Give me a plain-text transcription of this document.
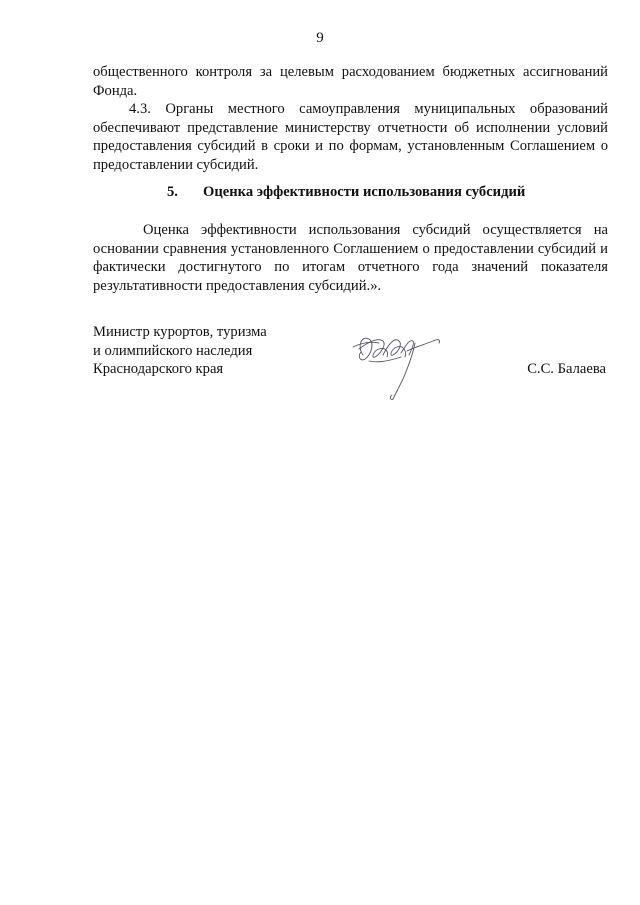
9

общественного контроля за целевым расходованием бюджетных ассигнований Фонда.

4.3. Органы местного самоуправления муниципальных образований обеспечивают представление министерству отчетности об исполнении условий предоставления субсидий в сроки и по формам, установленным Соглашением о предоставлении субсидий.

5. Оценка эффективности использования субсидий

Оценка эффективности использования субсидий осуществляется на основании сравнения установленного Соглашением о предоставлении субсидий и фактически достигнутого по итогам отчетного года значений показателя результативности предоставления субсидий.».

Министр курортов, туризма
и олимпийского наследия
Краснодарского края	С.С. Балаева
